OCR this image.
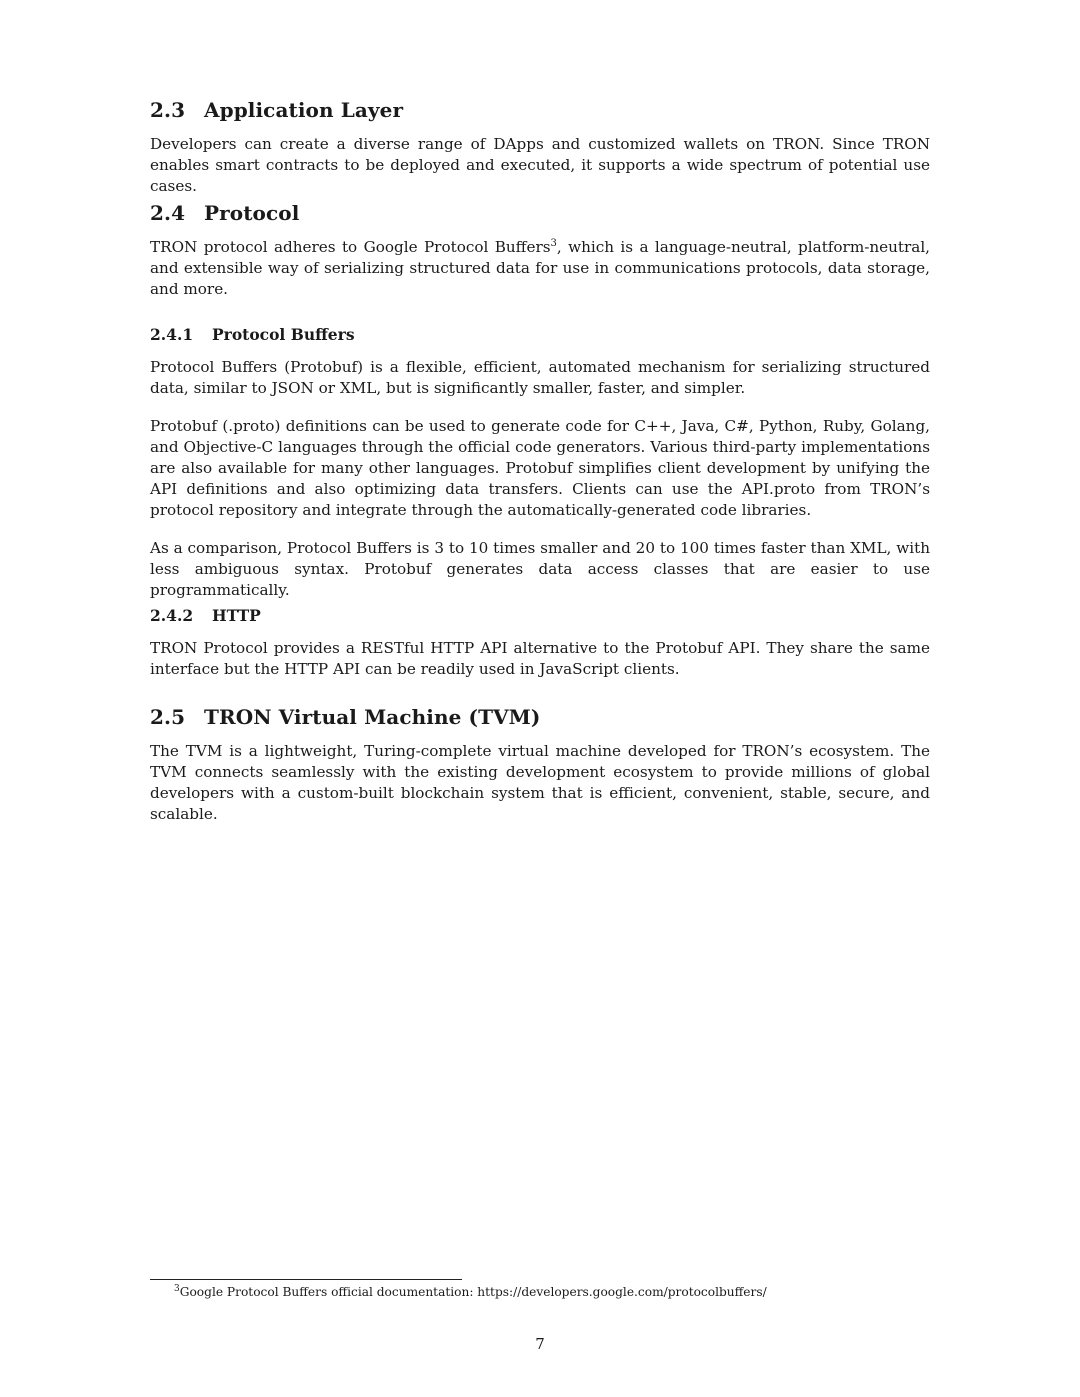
2.3 Application Layer

Developers can create a diverse range of DApps and customized wallets on TRON. Since TRON enables smart contracts to be deployed and executed, it supports a wide spectrum of potential use cases.

2.4 Protocol

TRON protocol adheres to Google Protocol Buffers$^3$, which is a language-neutral, platform-neutral, and extensible way of serializing structured data for use in communications protocols, data storage, and more.

2.4.1 Protocol Buffers

Protocol Buffers (Protobuf) is a flexible, efficient, automated mechanism for serializing structured data, similar to JSON or XML, but is significantly smaller, faster, and simpler.

Protobuf (.proto) definitions can be used to generate code for C++, Java, C#, Python, Ruby, Golang, and Objective-C languages through the official code generators. Various third-party implementations are also available for many other languages. Protobuf simplifies client development by unifying the API definitions and also optimizing data transfers. Clients can use the API.proto from TRON’s protocol repository and integrate through the automatically-generated code libraries.

As a comparison, Protocol Buffers is 3 to 10 times smaller and 20 to 100 times faster than XML, with less ambiguous syntax. Protobuf generates data access classes that are easier to use programmatically.

2.4.2 HTTP

TRON Protocol provides a RESTful HTTP API alternative to the Protobuf API. They share the same interface but the HTTP API can be readily used in JavaScript clients.

2.5 TRON Virtual Machine (TVM)

The TVM is a lightweight, Turing-complete virtual machine developed for TRON’s ecosystem. The TVM connects seamlessly with the existing development ecosystem to provide millions of global developers with a custom-built blockchain system that is efficient, convenient, stable, secure, and scalable.

$^3$Google Protocol Buffers official documentation: https://developers.google.com/protocolbuffers/
7
